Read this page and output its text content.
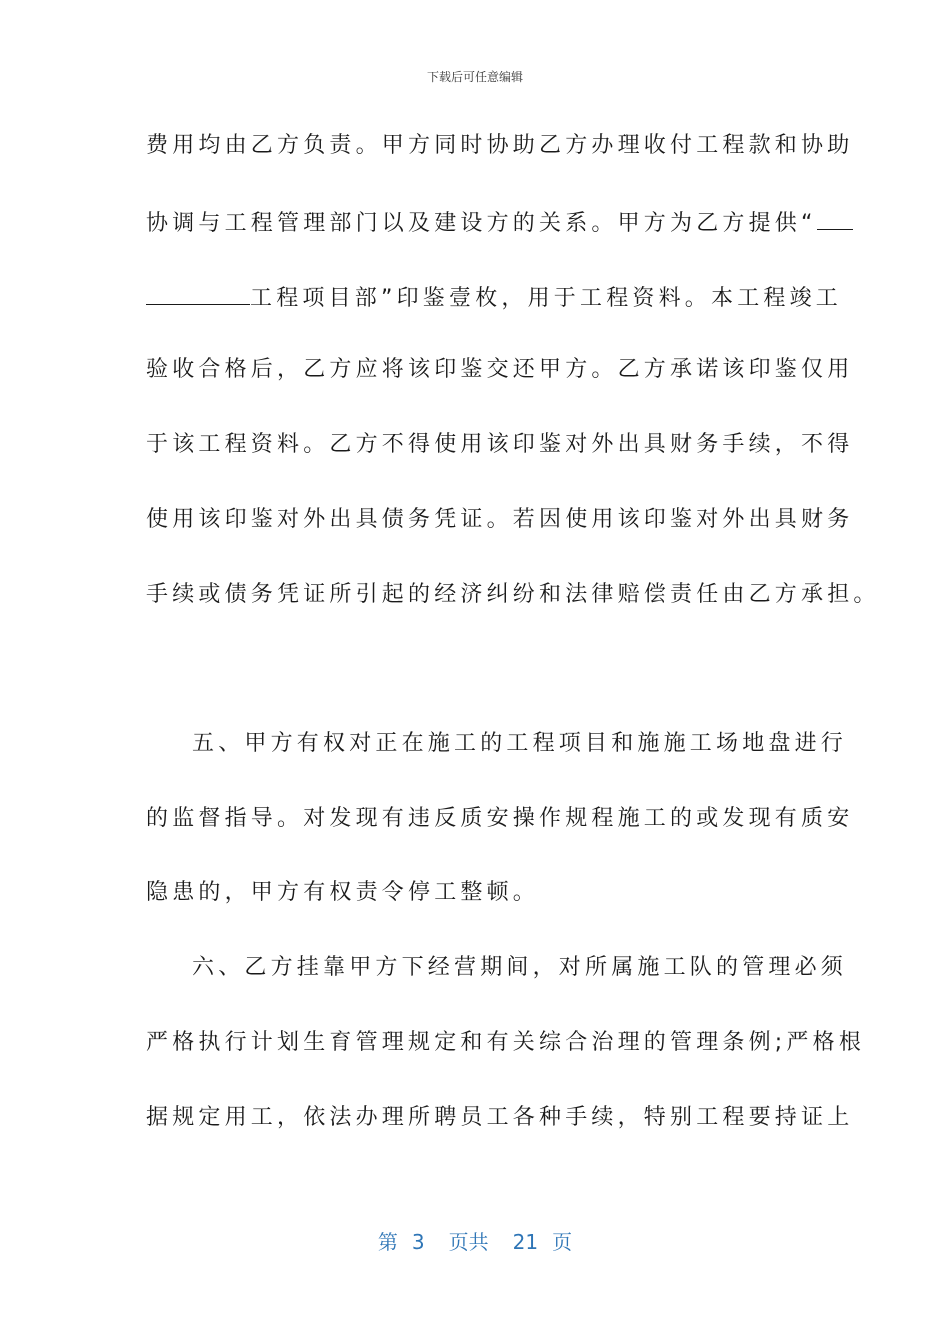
下载后可任意编辑
费用均由乙方负责。甲方同时协助乙方办理收付工程款和协助
协调与工程管理部门以及建设方的关系。甲方为乙方提供“
工程项目部”印鉴壹枚，用于工程资料。本工程竣工
验收合格后，乙方应将该印鉴交还甲方。乙方承诺该印鉴仅用
于该工程资料。乙方不得使用该印鉴对外出具财务手续，不得
使用该印鉴对外出具债务凭证。若因使用该印鉴对外出具财务
手续或债务凭证所引起的经济纠纷和法律赔偿责任由乙方承担。
五、甲方有权对正在施工的工程项目和施施工场地盘进行
的监督指导。对发现有违反质安操作规程施工的或发现有质安
隐患的，甲方有权责令停工整顿。
六、乙方挂靠甲方下经营期间，对所属施工队的管理必须
严格执行计划生育管理规定和有关综合治理的管理条例;严格根
据规定用工，依法办理所聘员工各种手续，特别工程要持证上
第 3 页共 21 页
